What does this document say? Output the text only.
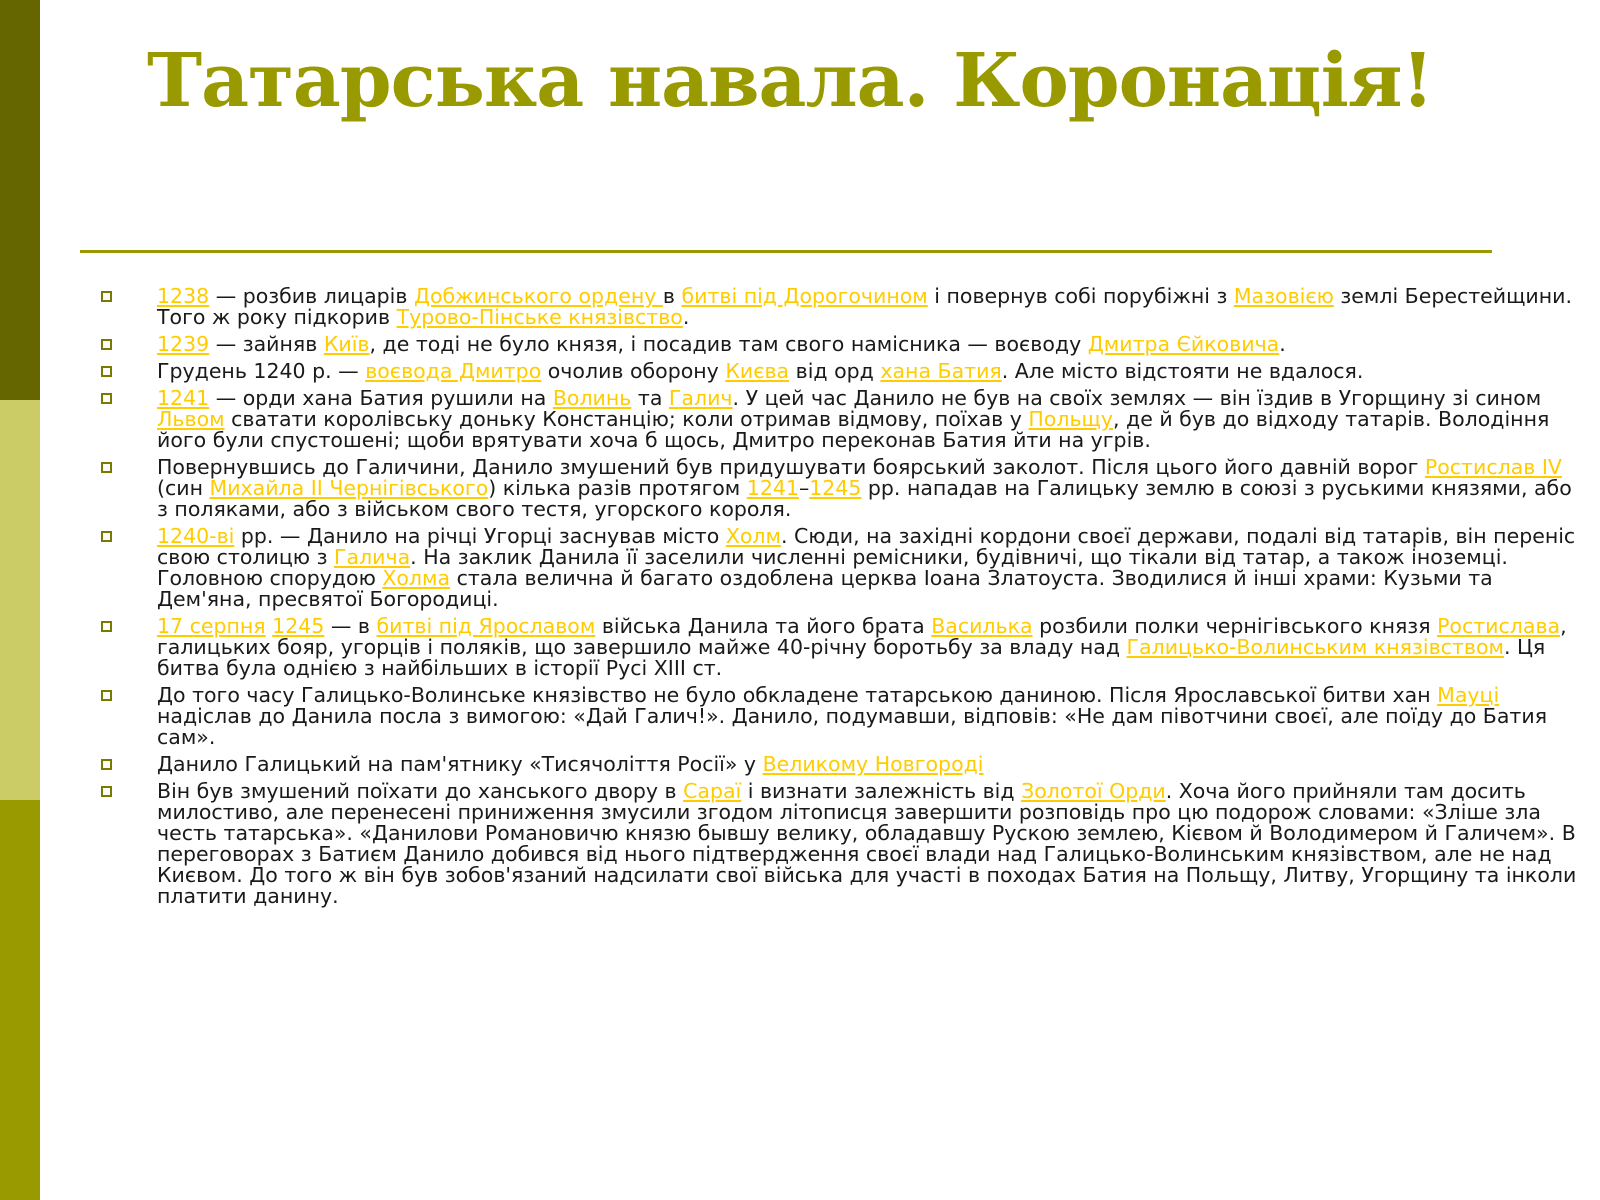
Татарська навала. Коронація!
1238 — розбив лицарів Добжинського ордену в битві під Дорогочином і повернув собі порубіжні з Мазовією землі Берестейщини. Того ж року підкорив Турово-Пінське князівство.
1239 — зайняв Київ, де тоді не було князя, і посадив там свого намісника — воєводу Дмитра Єйковича.
Грудень 1240 р. — воєвода Дмитро очолив оборону Києва від орд хана Батия. Але місто відстояти не вдалося.
1241 — орди хана Батия рушили на Волинь та Галич. У цей час Данило не був на своїх землях — він їздив в Угорщину зі сином Львом сватати королівську доньку Констанцію; коли отримав відмову, поїхав у Польщу, де й був до відходу татарів. Володіння його були спустошені; щоби врятувати хоча б щось, Дмитро переконав Батия йти на угрів.
Повернувшись до Галичини, Данило змушений був придушувати боярський заколот. Після цього його давній ворог Ростислав IV (син Михайла II Чернігівського) кілька разів протягом 1241–1245 рр. нападав на Галицьку землю в союзі з руськими князями, або з поляками, або з військом свого тестя, угорского короля.
1240-ві рр. — Данило на річці Угорці заснував місто Холм. Сюди, на західні кордони своєї держави, подалі від татарів, він переніс свою столицю з Галича. На заклик Данила її заселили численні ремісники, будівничі, що тікали від татар, а також іноземці. Головною спорудою Холма стала велична й багато оздоблена церква Іоана Златоуста. Зводилися й інші храми: Кузьми та Дем'яна, пресвятої Богородиці.
17 серпня 1245 — в битві під Ярославом війська Данила та його брата Василька розбили полки чернігівського князя Ростислава, галицьких бояр, угорців і поляків, що завершило майже 40-річну боротьбу за владу над Галицько-Волинським князівством. Ця битва була однією з найбільших в історії Русі XIII ст.
До того часу Галицько-Волинське князівство не було обкладене татарською даниною. Після Ярославської битви хан Мауці надіслав до Данила посла з вимогою: «Дай Галич!». Данило, подумавши, відповів: «Не дам півотчини своєї, але поїду до Батия сам».
Данило Галицький на пам'ятнику «Тисячоліття Росії» у Великому Новгороді
Він був змушений поїхати до ханського двору в Сараї і визнати залежність від Золотої Орди. Хоча його прийняли там досить милостиво, але перенесені приниження змусили згодом літописця завершити розповідь про цю подорож словами: «Зліше зла честь татарська». «Данилови Романовичю князю бывшу велику, обладавшу Рускою землею, Кієвом й Володимером й Галичем». В переговорах з Батиєм Данило добився від нього підтвердження своєї влади над Галицько-Волинським князівством, але не над Києвом. До того ж він був зобов'язаний надсилати свої війська для участі в походах Батия на Польщу, Литву, Угорщину та інколи платити данину.
